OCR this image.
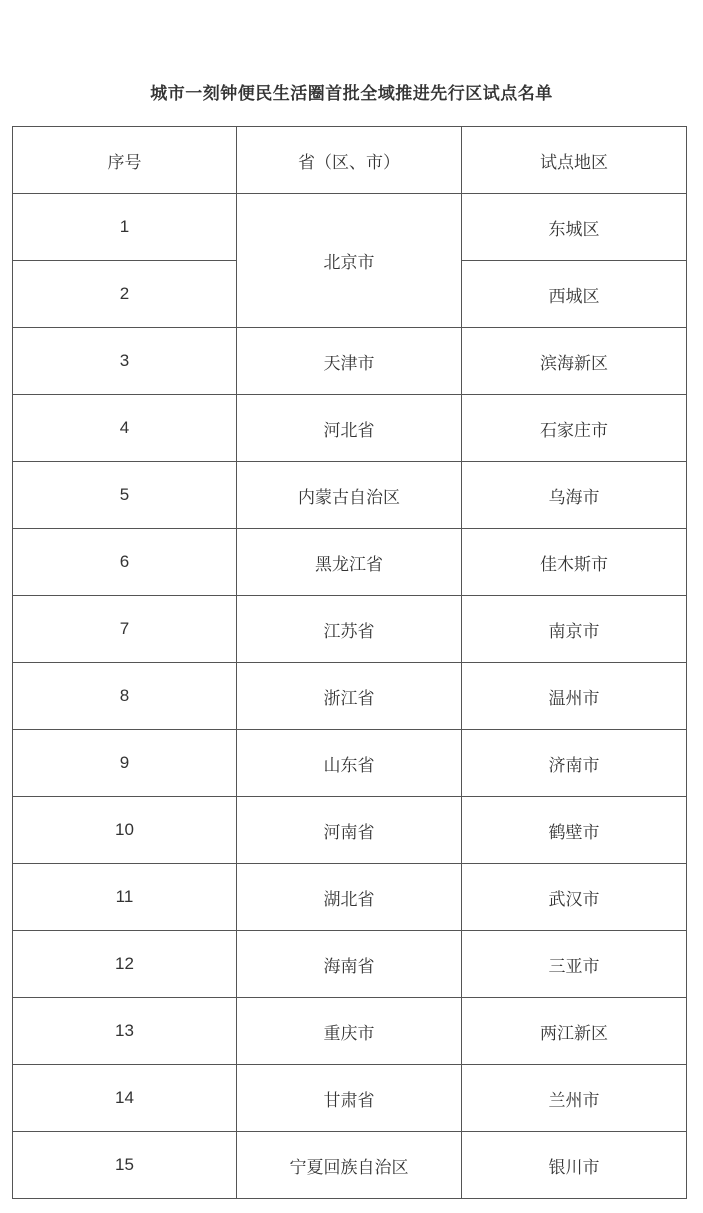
城市一刻钟便民生活圈首批全域推进先行区试点名单
序号	省（区、市）	试点地区
1	北京市	东城区
2		西城区
3	天津市	滨海新区
4	河北省	石家庄市
5	内蒙古自治区	乌海市
6	黑龙江省	佳木斯市
7	江苏省	南京市
8	浙江省	温州市
9	山东省	济南市
10	河南省	鹤壁市
11	湖北省	武汉市
12	海南省	三亚市
13	重庆市	两江新区
14	甘肃省	兰州市
15	宁夏回族自治区	银川市
